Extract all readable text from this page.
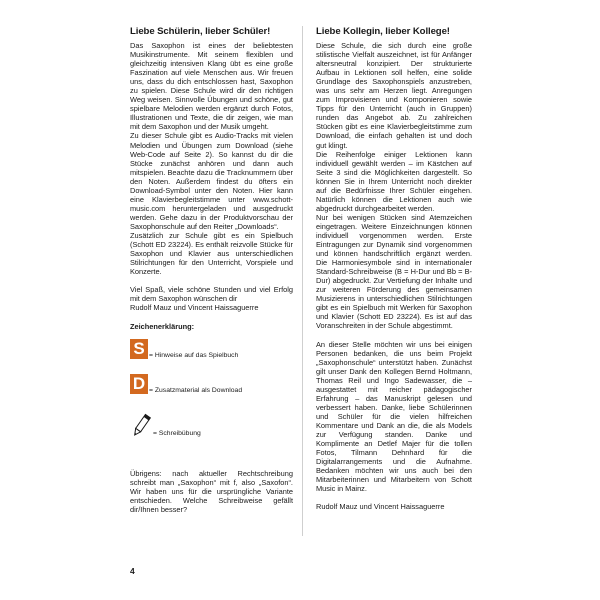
Liebe Schülerin, lieber Schüler!

Das Saxophon ist eines der beliebtesten Musikinstrumente. Mit seinem flexiblen und gleichzeitig intensiven Klang übt es eine große Faszination auf viele Menschen aus. Wir freuen uns, dass du dich entschlossen hast, Saxophon zu spielen. Diese Schule wird dir den richtigen Weg weisen. Sinnvolle Übungen und schöne, gut spielbare Melodien werden ergänzt durch Fotos, Illustrationen und Texte, die dir zeigen, wie man mit dem Saxophon und der Musik umgeht.

Zu dieser Schule gibt es Audio-Tracks mit vielen Melodien und Übungen zum Download (siehe Web-Code auf Seite 2). So kannst du dir die Stücke zunächst anhören und dann auch mitspielen. Beachte dazu die Tracknummern über den Noten. Außerdem findest du öfters ein Download-Symbol unter den Noten. Hier kann eine Klavierbegleitstimme unter www.schott-music.com heruntergeladen und ausgedruckt werden. Gehe dazu in der Produktvorschau der Saxophonschule auf den Reiter „Downloads“.

Zusätzlich zur Schule gibt es ein Spielbuch (Schott ED 23224). Es enthält reizvolle Stücke für Saxophon und Klavier aus unterschiedlichen Stilrichtungen für den Unterricht, Vorspiele und Konzerte.

Viel Spaß, viele schöne Stunden und viel Erfolg mit dem Saxophon wünschen dir

Rudolf Mauz und Vincent Haissaguerre

Liebe Kollegin, lieber Kollege!

Diese Schule, die sich durch eine große stilistische Vielfalt auszeichnet, ist für Anfänger altersneutral konzipiert. Der strukturierte Aufbau in Lektionen soll helfen, eine solide Grundlage des Saxophonspiels anzustreben, was uns sehr am Herzen liegt. Anregungen zum Improvisieren und Komponieren sowie Tipps für den Unterricht (auch in Gruppen) runden das Angebot ab. Zu zahlreichen Stücken gibt es eine Klavierbegleitstimme zum Download, die einfach gehalten ist und doch gut klingt.

Die Reihenfolge einiger Lektionen kann individuell gewählt werden – im Kästchen auf Seite 3 sind die Möglichkeiten dargestellt. So können Sie in Ihrem Unterricht noch direkter auf die Bedürfnisse Ihrer Schüler eingehen. Natürlich können die Lektionen auch wie abgedruckt durchgearbeitet werden.

Nur bei wenigen Stücken sind Atemzeichen eingetragen. Weitere Einzeichnungen können individuell vorgenommen werden. Erste Eintragungen zur Dynamik sind vorgenommen und können handschriftlich ergänzt werden. Die Harmoniesymbole sind in internationaler Standard-Schreibweise (B = H-Dur und Bb = B-Dur) abgedruckt. Zur Vertiefung der Inhalte und zur weiteren Förderung des gemeinsamen Musizierens in unterschiedlichen Stilrichtungen gibt es ein Spielbuch mit Werken für Saxophon und Klavier (Schott ED 23224). Es ist auf das Voranschreiten in der Schule abgestimmt.

An dieser Stelle möchten wir uns bei einigen Personen bedanken, die uns beim Projekt „Saxophonschule“ unterstützt haben. Zunächst gilt unser Dank den Kollegen Bernd Holtmann, Thomas Reil und Ingo Sadewasser, die – ausgestattet mit reicher pädagogischer Erfahrung – das Manuskript gelesen und verbessert haben. Danke, liebe Schülerinnen und Schüler für die vielen hilfreichen Kommentare und Dank an die, die als Models zur Verfügung standen. Danke und Komplimente an Detlef Majer für die tollen Fotos, Tilmann Dehnhard für die Digitalarrangements und die Aufnahme. Bedanken möchten wir uns auch bei den Mitarbeiterinnen und Mitarbeitern von Schott Music in Mainz.

Rudolf Mauz und Vincent Haissaguerre

Zeichenerklärung:
S = Hinweise auf das Spielbuch
D = Zusatzmaterial als Download
= Schreibübung
Übrigens: nach aktueller Rechtschreibung schreibt man „Saxophon“ mit f, also „Saxofon“. Wir haben uns für die ursprüngliche Variante entschieden. Welche Schreibweise gefällt dir/Ihnen besser?
4
